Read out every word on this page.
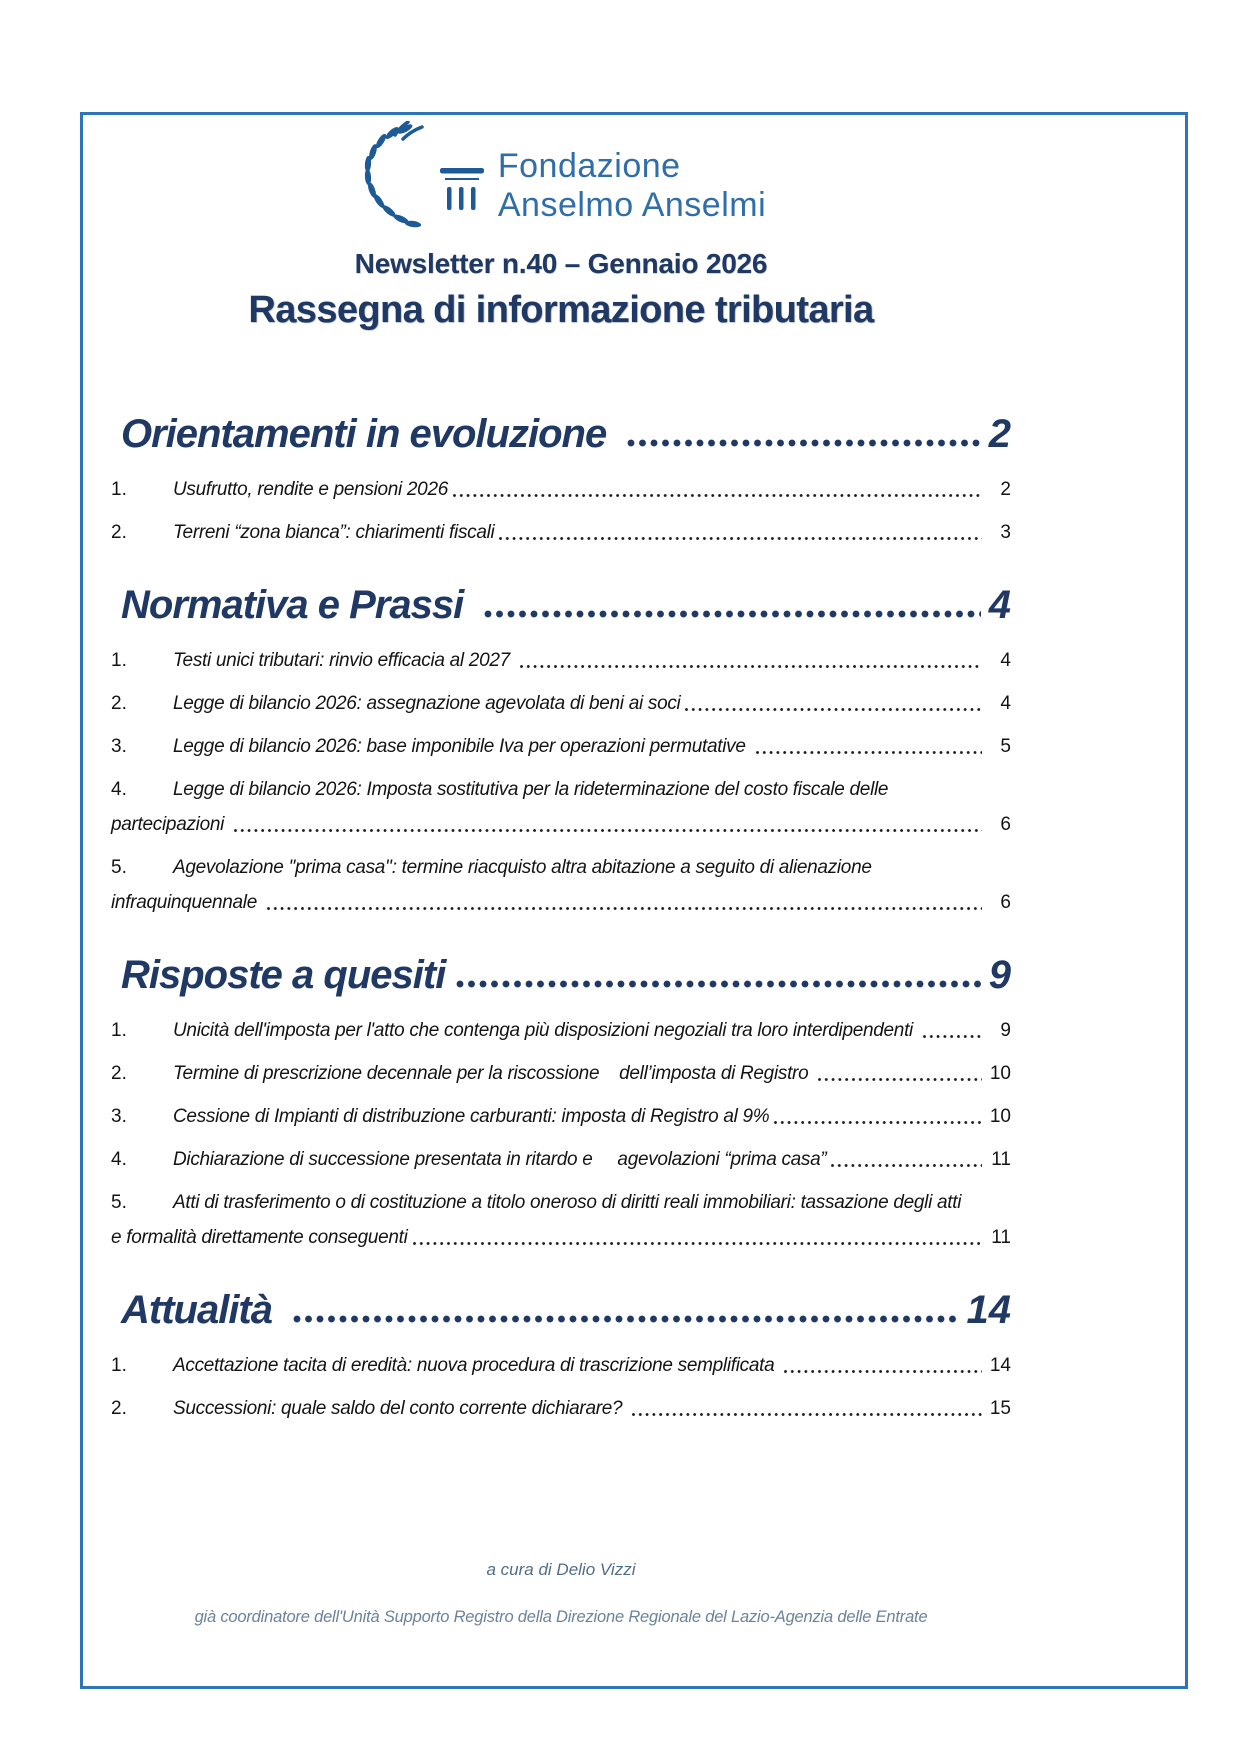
Fondazione
Anselmo Anselmi
Newsletter n.40 – Gennaio 2026
Rassegna di informazione tributaria
Orientamenti in evoluzione	2
1.	Usufrutto, rendite e pensioni 2026	2
2.	Terreni “zona bianca”: chiarimenti fiscali	3
Normativa e Prassi	4
1.	Testi unici tributari: rinvio efficacia al 2027	4
2.	Legge di bilancio 2026: assegnazione agevolata di beni ai soci	4
3.	Legge di bilancio 2026: base imponibile Iva per operazioni permutative	5
4.	Legge di bilancio 2026: Imposta sostitutiva per la rideterminazione del costo fiscale delle
partecipazioni	6
5.	Agevolazione ''prima casa'': termine riacquisto altra abitazione a seguito di alienazione
infraquinquennale	6
Risposte a quesiti	9
1.	Unicità dell'imposta per l'atto che contenga più disposizioni negoziali tra loro interdipendenti	9
2.	Termine di prescrizione decennale per la riscossione    dell’imposta di Registro	10
3.	Cessione di Impianti di distribuzione carburanti: imposta di Registro al 9%	10
4.	Dichiarazione di successione presentata in ritardo e     agevolazioni “prima casa”	11
5.	Atti di trasferimento o di costituzione a titolo oneroso di diritti reali immobiliari: tassazione degli atti
e formalità direttamente conseguenti	11
Attualità	14
1.	Accettazione tacita di eredità: nuova procedura di trascrizione semplificata	14
2.	Successioni: quale saldo del conto corrente dichiarare?	15
a cura di Delio Vizzi
già coordinatore dell'Unità Supporto Registro della Direzione Regionale del Lazio-Agenzia delle Entrate
